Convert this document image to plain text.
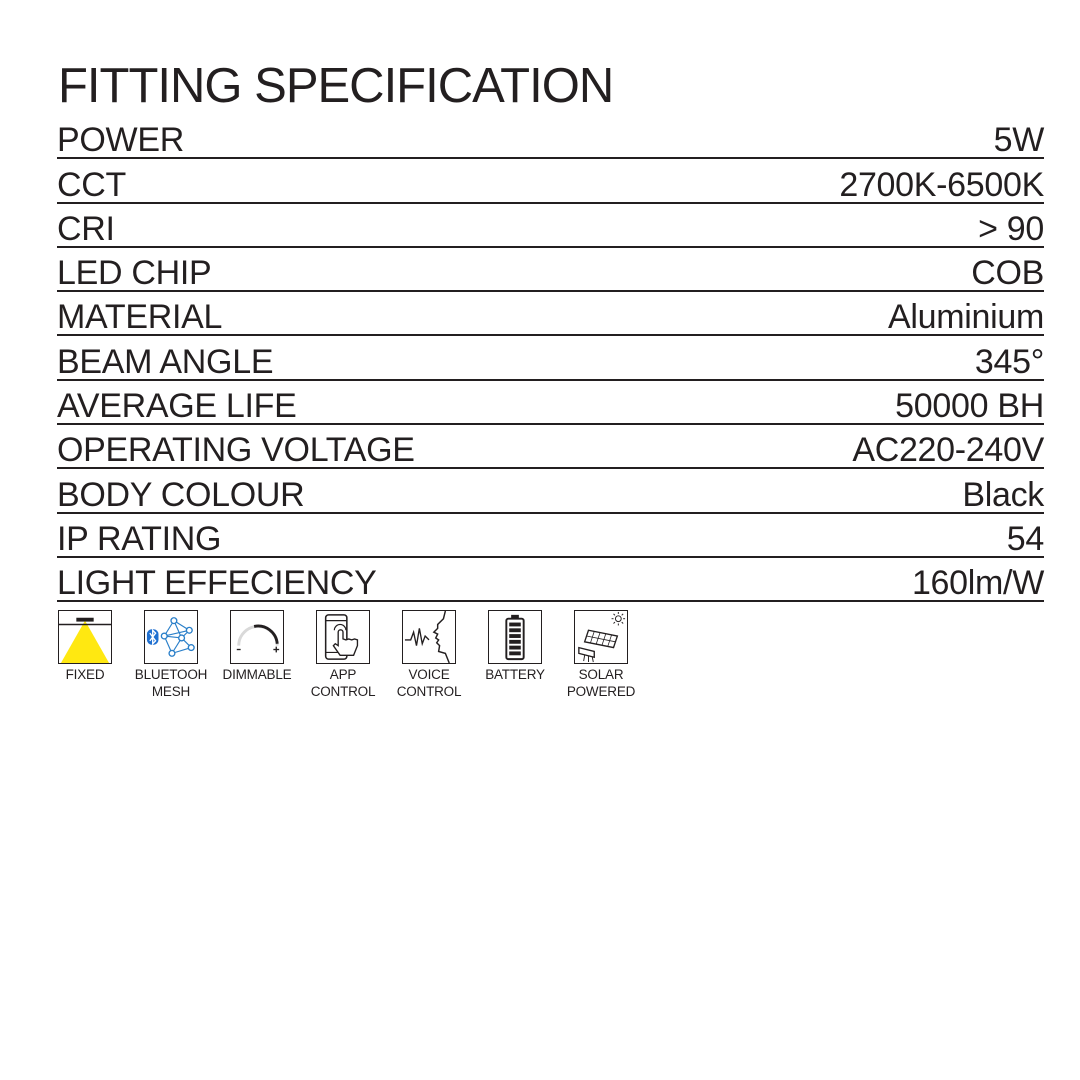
FITTING SPECIFICATION
POWER	5W
CCT	2700K-6500K
CRI	> 90
LED CHIP	COB
MATERIAL	Aluminium
BEAM ANGLE	345°
AVERAGE LIFE	50000 BH
OPERATING VOLTAGE	AC220-240V
BODY COLOUR	Black
IP RATING	54
LIGHT EFFECIENCY	160lm/W
FIXED	BLUETOOH
MESH
DIMMABLE	APP
CONTROL
VOICE
CONTROL
BATTERY	SOLAR
POWERED
